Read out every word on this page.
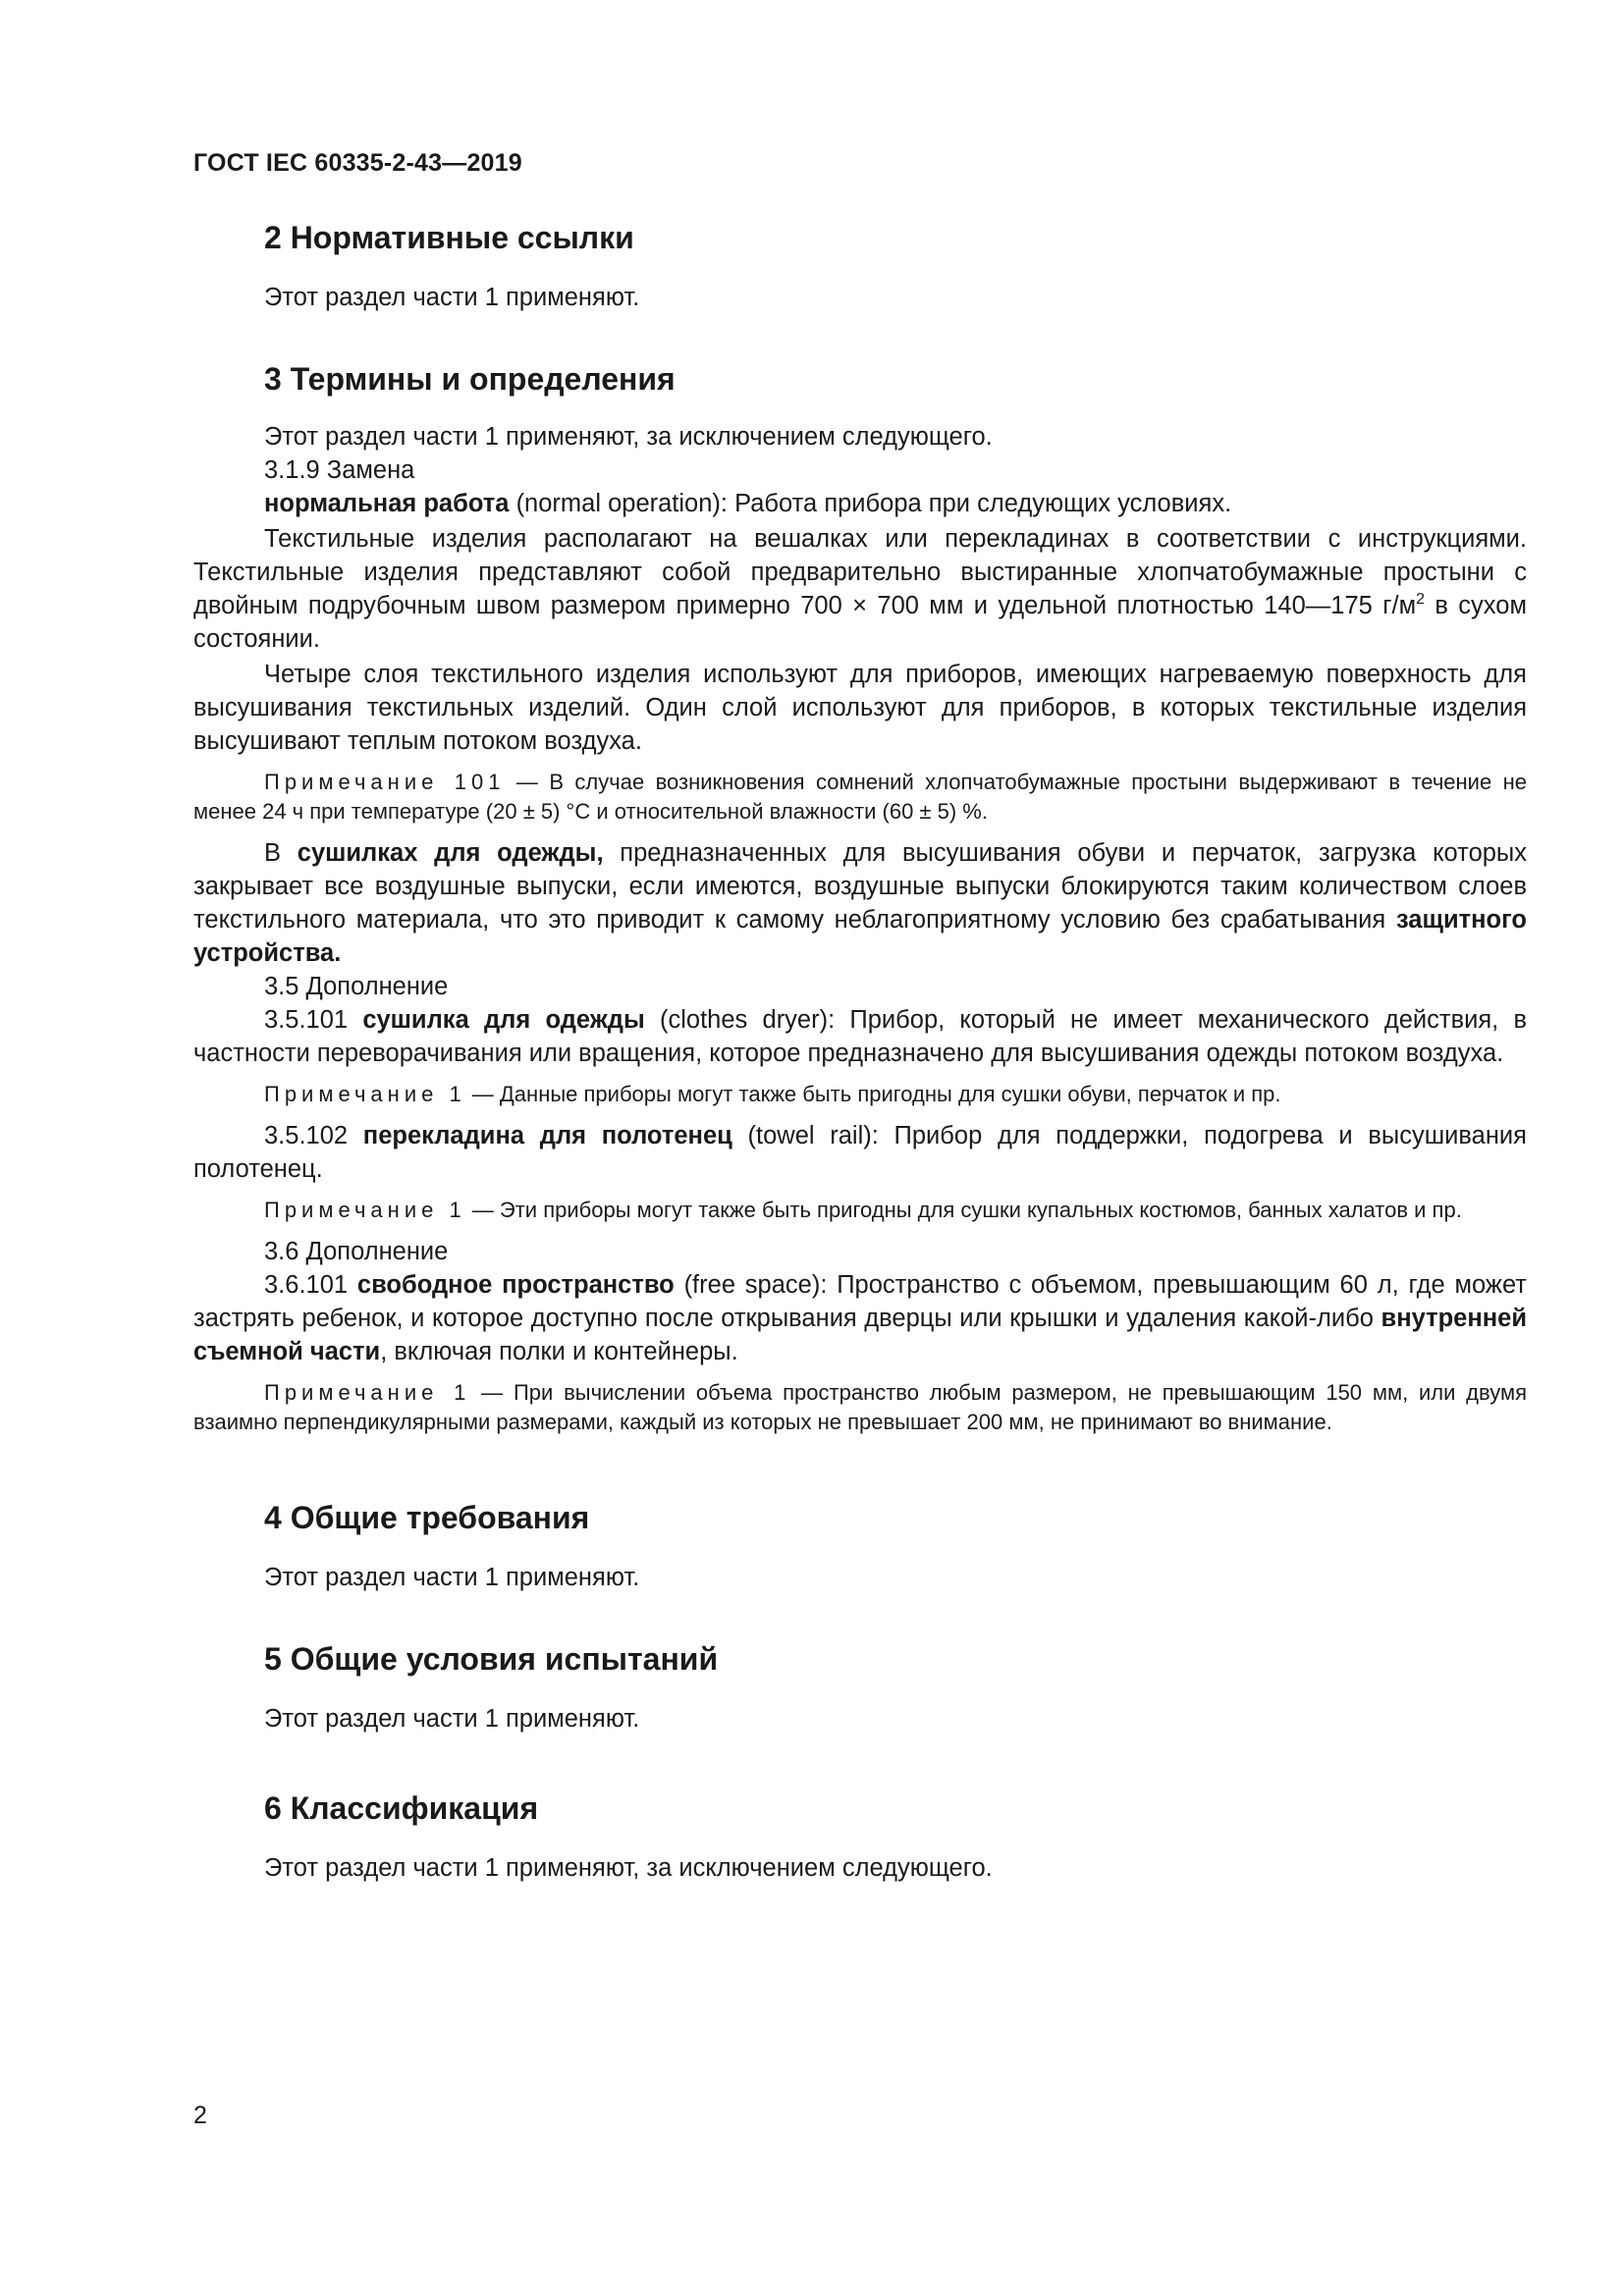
ГОСТ IEC 60335-2-43—2019
2 Нормативные ссылки

Этот раздел части 1 применяют.

3 Термины и определения

Этот раздел части 1 применяют, за исключением следующего.

3.1.9 Замена

нормальная работа (normal operation): Работа прибора при следующих условиях.

Текстильные изделия располагают на вешалках или перекладинах в соответствии с инструкциями. Текстильные изделия представляют собой предварительно выстиранные хлопчатобумажные простыни с двойным подрубочным швом размером примерно 700 × 700 мм и удельной плотностью 140—175 $г/м^2$ в сухом состоянии.

Четыре слоя текстильного изделия используют для приборов, имеющих нагреваемую поверхность для высушивания текстильных изделий. Один слой используют для приборов, в которых текстильные изделия высушивают теплым потоком воздуха.

Примечание 101 — В случае возникновения сомнений хлопчатобумажные простыни выдерживают в течение не менее 24 ч при температуре (20 ± 5) °С и относительной влажности (60 ± 5) %.

В сушилках для одежды, предназначенных для высушивания обуви и перчаток, загрузка которых закрывает все воздушные выпуски, если имеются, воздушные выпуски блокируются таким количеством слоев текстильного материала, что это приводит к самому неблагоприятному условию без срабатывания защитного устройства.

3.5 Дополнение

3.5.101 сушилка для одежды (clothes dryer): Прибор, который не имеет механического действия, в частности переворачивания или вращения, которое предназначено для высушивания одежды потоком воздуха.

Примечание 1 — Данные приборы могут также быть пригодны для сушки обуви, перчаток и пр.

3.5.102 перекладина для полотенец (towel rail): Прибор для поддержки, подогрева и высушивания полотенец.

Примечание 1 — Эти приборы могут также быть пригодны для сушки купальных костюмов, банных халатов и пр.

3.6 Дополнение

3.6.101 свободное пространство (free space): Пространство с объемом, превышающим 60 л, где может застрять ребенок, и которое доступно после открывания дверцы или крышки и удаления какой-либо внутренней съемной части, включая полки и контейнеры.

Примечание 1 — При вычислении объема пространство любым размером, не превышающим 150 мм, или двумя взаимно перпендикулярными размерами, каждый из которых не превышает 200 мм, не принимают во внимание.

4 Общие требования

Этот раздел части 1 применяют.

5 Общие условия испытаний

Этот раздел части 1 применяют.

6 Классификация

Этот раздел части 1 применяют, за исключением следующего.

2
